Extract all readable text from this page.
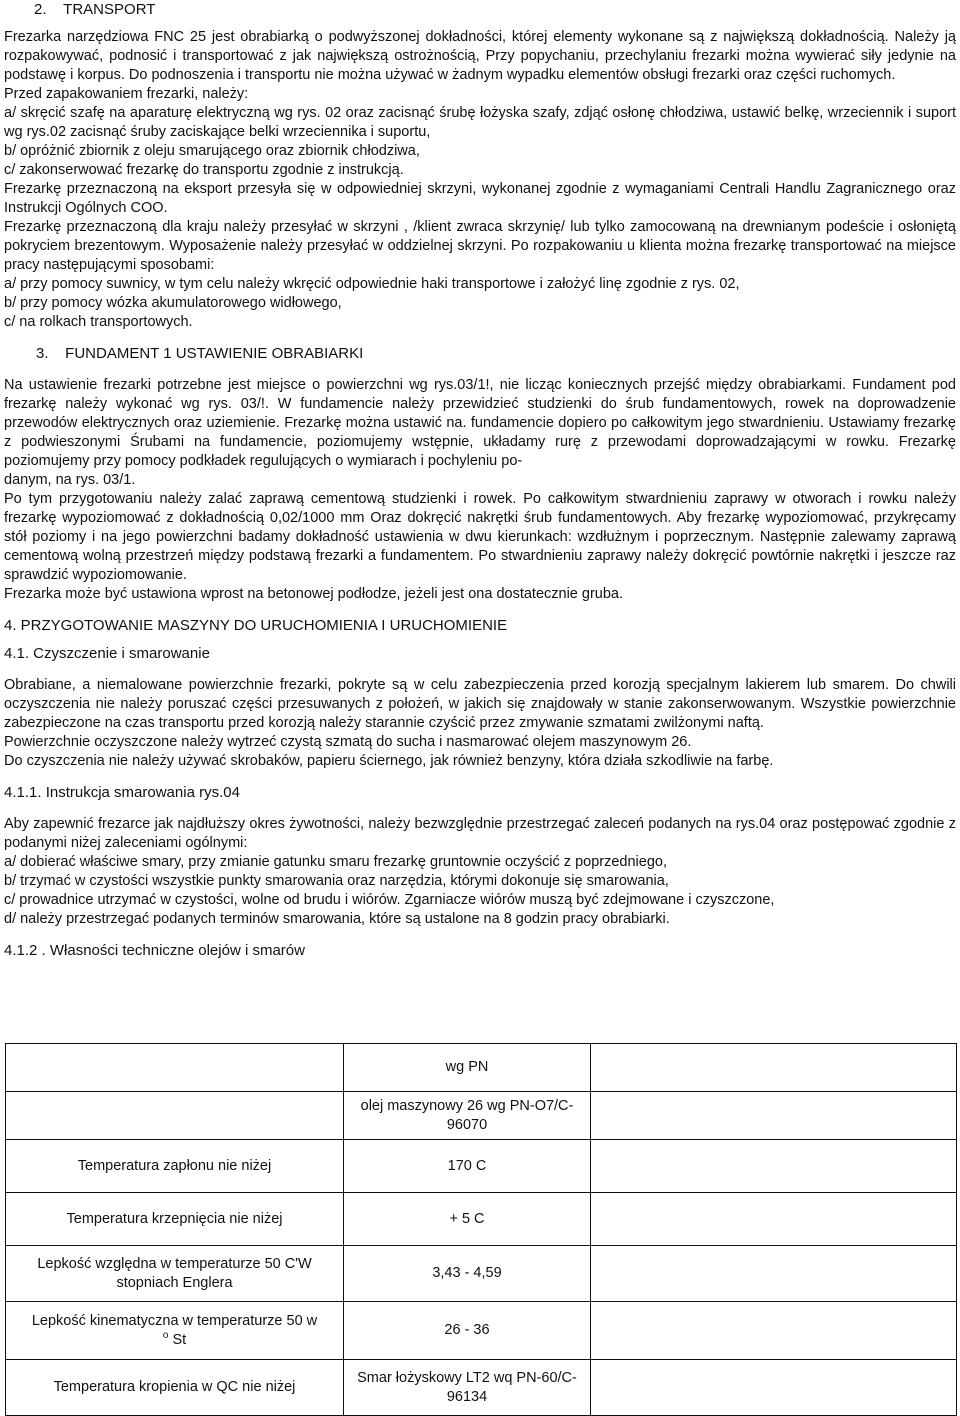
2.    TRANSPORT

Frezarka narzędziowa FNC 25 jest obrabiarką o podwyższonej dokładności, której elementy wykonane są z największą dokładnością. Należy ją rozpakowywać, podnosić i transportować z jak największą ostrożnością, Przy popychaniu, przechylaniu frezarki można wywierać siły jedynie na podstawę i korpus. Do podnoszenia i transportu nie można używać w żadnym wypadku elementów obsługi frezarki oraz części ruchomych.

Przed zapakowaniem frezarki, należy:

a/ skręcić szafę na aparaturę elektryczną wg rys. 02 oraz zacisnąć śrubę łożyska szafy, zdjąć osłonę chłodziwa, ustawić belkę, wrzeciennik i suport wg rys.02 zacisnąć śruby zaciskające belki wrzeciennika i suportu,

b/ opróżnić zbiornik z oleju smarującego oraz zbiornik chłodziwa,

c/ zakonserwować frezarkę do transportu zgodnie z instrukcją.

Frezarkę przeznaczoną na eksport przesyła się w odpowiedniej skrzyni, wykonanej zgodnie z wymaganiami Centrali Handlu Zagranicznego oraz Instrukcji Ogólnych COO.

Frezarkę przeznaczoną dla kraju należy przesyłać w skrzyni , /klient zwraca skrzynię/ lub tylko zamocowaną na drewnianym podeście i osłoniętą pokryciem brezentowym. Wyposażenie należy przesyłać w oddzielnej skrzyni. Po rozpakowaniu u klienta można frezarkę transportować na miejsce pracy następującymi sposobami:

a/ przy pomocy suwnicy, w tym celu należy wkręcić odpowiednie haki transportowe i założyć linę zgodnie z rys. 02,

b/ przy pomocy wózka akumulatorowego widłowego,

c/ na rolkach transportowych.

3.    FUNDAMENT 1 USTAWIENIE OBRABIARKI

Na ustawienie frezarki potrzebne jest miejsce o powierzchni wg rys.03/1!, nie licząc koniecznych przejść między obrabiarkami. Fundament pod frezarkę należy wykonać wg rys. 03/!. W fundamencie należy przewidzieć studzienki do śrub fundamentowych, rowek na doprowadzenie przewodów elektrycznych oraz uziemienie. Frezarkę można ustawić na. fundamencie dopiero po całkowitym jego stwardnieniu. Ustawiamy frezarkę z podwieszonymi Śrubami na fundamencie, poziomujemy wstępnie, układamy rurę z przewodami doprowadzającymi w rowku. Frezarkę poziomujemy przy pomocy podkładek regulujących o wymiarach i pochyleniu po-

danym, na rys. 03/1.

Po tym przygotowaniu należy zalać zaprawą cementową studzienki i rowek. Po całkowitym stwardnieniu zaprawy w otworach i rowku należy frezarkę wypoziomować z dokładnością 0,02/1000 mm Oraz dokręcić nakrętki śrub fundamentowych. Aby frezarkę wypoziomować, przykręcamy stół poziomy i na jego powierzchni badamy dokładność ustawienia w dwu kierunkach: wzdłużnym i poprzecznym. Następnie zalewamy zaprawą cementową wolną przestrzeń między podstawą frezarki a fundamentem. Po stwardnieniu zaprawy należy dokręcić powtórnie nakrętki i jeszcze raz sprawdzić wypoziomowanie.

Frezarka może być ustawiona wprost na betonowej podłodze, jeżeli jest ona dostatecznie gruba.

4. PRZYGOTOWANIE MASZYNY DO URUCHOMIENIA I URUCHOMIENIE
4.1. Czyszczenie i smarowanie

Obrabiane, a niemalowane powierzchnie frezarki, pokryte są w celu zabezpieczenia przed korozją specjalnym lakierem lub smarem. Do chwili oczyszczenia nie należy poruszać części przesuwanych z położeń, w jakich się znajdowały w stanie zakonserwowanym. Wszystkie powierzchnie zabezpieczone na czas transportu przed korozją należy starannie czyścić przez zmywanie szmatami zwilżonymi naftą.

Powierzchnie oczyszczone należy wytrzeć czystą szmatą do sucha i nasmarować olejem maszynowym 26.

Do czyszczenia nie należy używać skrobaków, papieru ściernego, jak również benzyny, która działa szkodliwie na farbę.

4.1.1. Instrukcja smarowania rys.04

Aby zapewnić frezarce jak najdłuższy okres żywotności, należy bezwzględnie przestrzegać zaleceń podanych na rys.04 oraz postępować zgodnie z podanymi niżej zaleceniami ogólnymi:

a/ dobierać właściwe smary, przy zmianie gatunku smaru frezarkę gruntownie oczyścić z poprzedniego,

b/ trzymać w czystości wszystkie punkty smarowania oraz narzędzia, którymi dokonuje się smarowania,

c/ prowadnice utrzymać w czystości, wolne od brudu i wiórów. Zgarniacze wiórów muszą być zdejmowane i czyszczone,

d/ należy przestrzegać podanych terminów smarowania, które są ustalone na 8 godzin pracy obrabiarki.

4.1.2 . Własności techniczne olejów i smarów
	wg PN	
	olej maszynowy 26 wg PN-O7/C-96070	
Temperatura zapłonu nie niżej	170 C	
Temperatura krzepnięcia nie niżej	+ 5 C	
Lepkość względna w temperaturze 50 C'W stopniach Englera	3,43 - 4,59	
Lepkość kinematyczna w temperaturze 50 w
$^o$ St	26 - 36	
Temperatura kropienia w QC nie niżej	Smar łożyskowy LT2 wq PN-60/C-96134	
